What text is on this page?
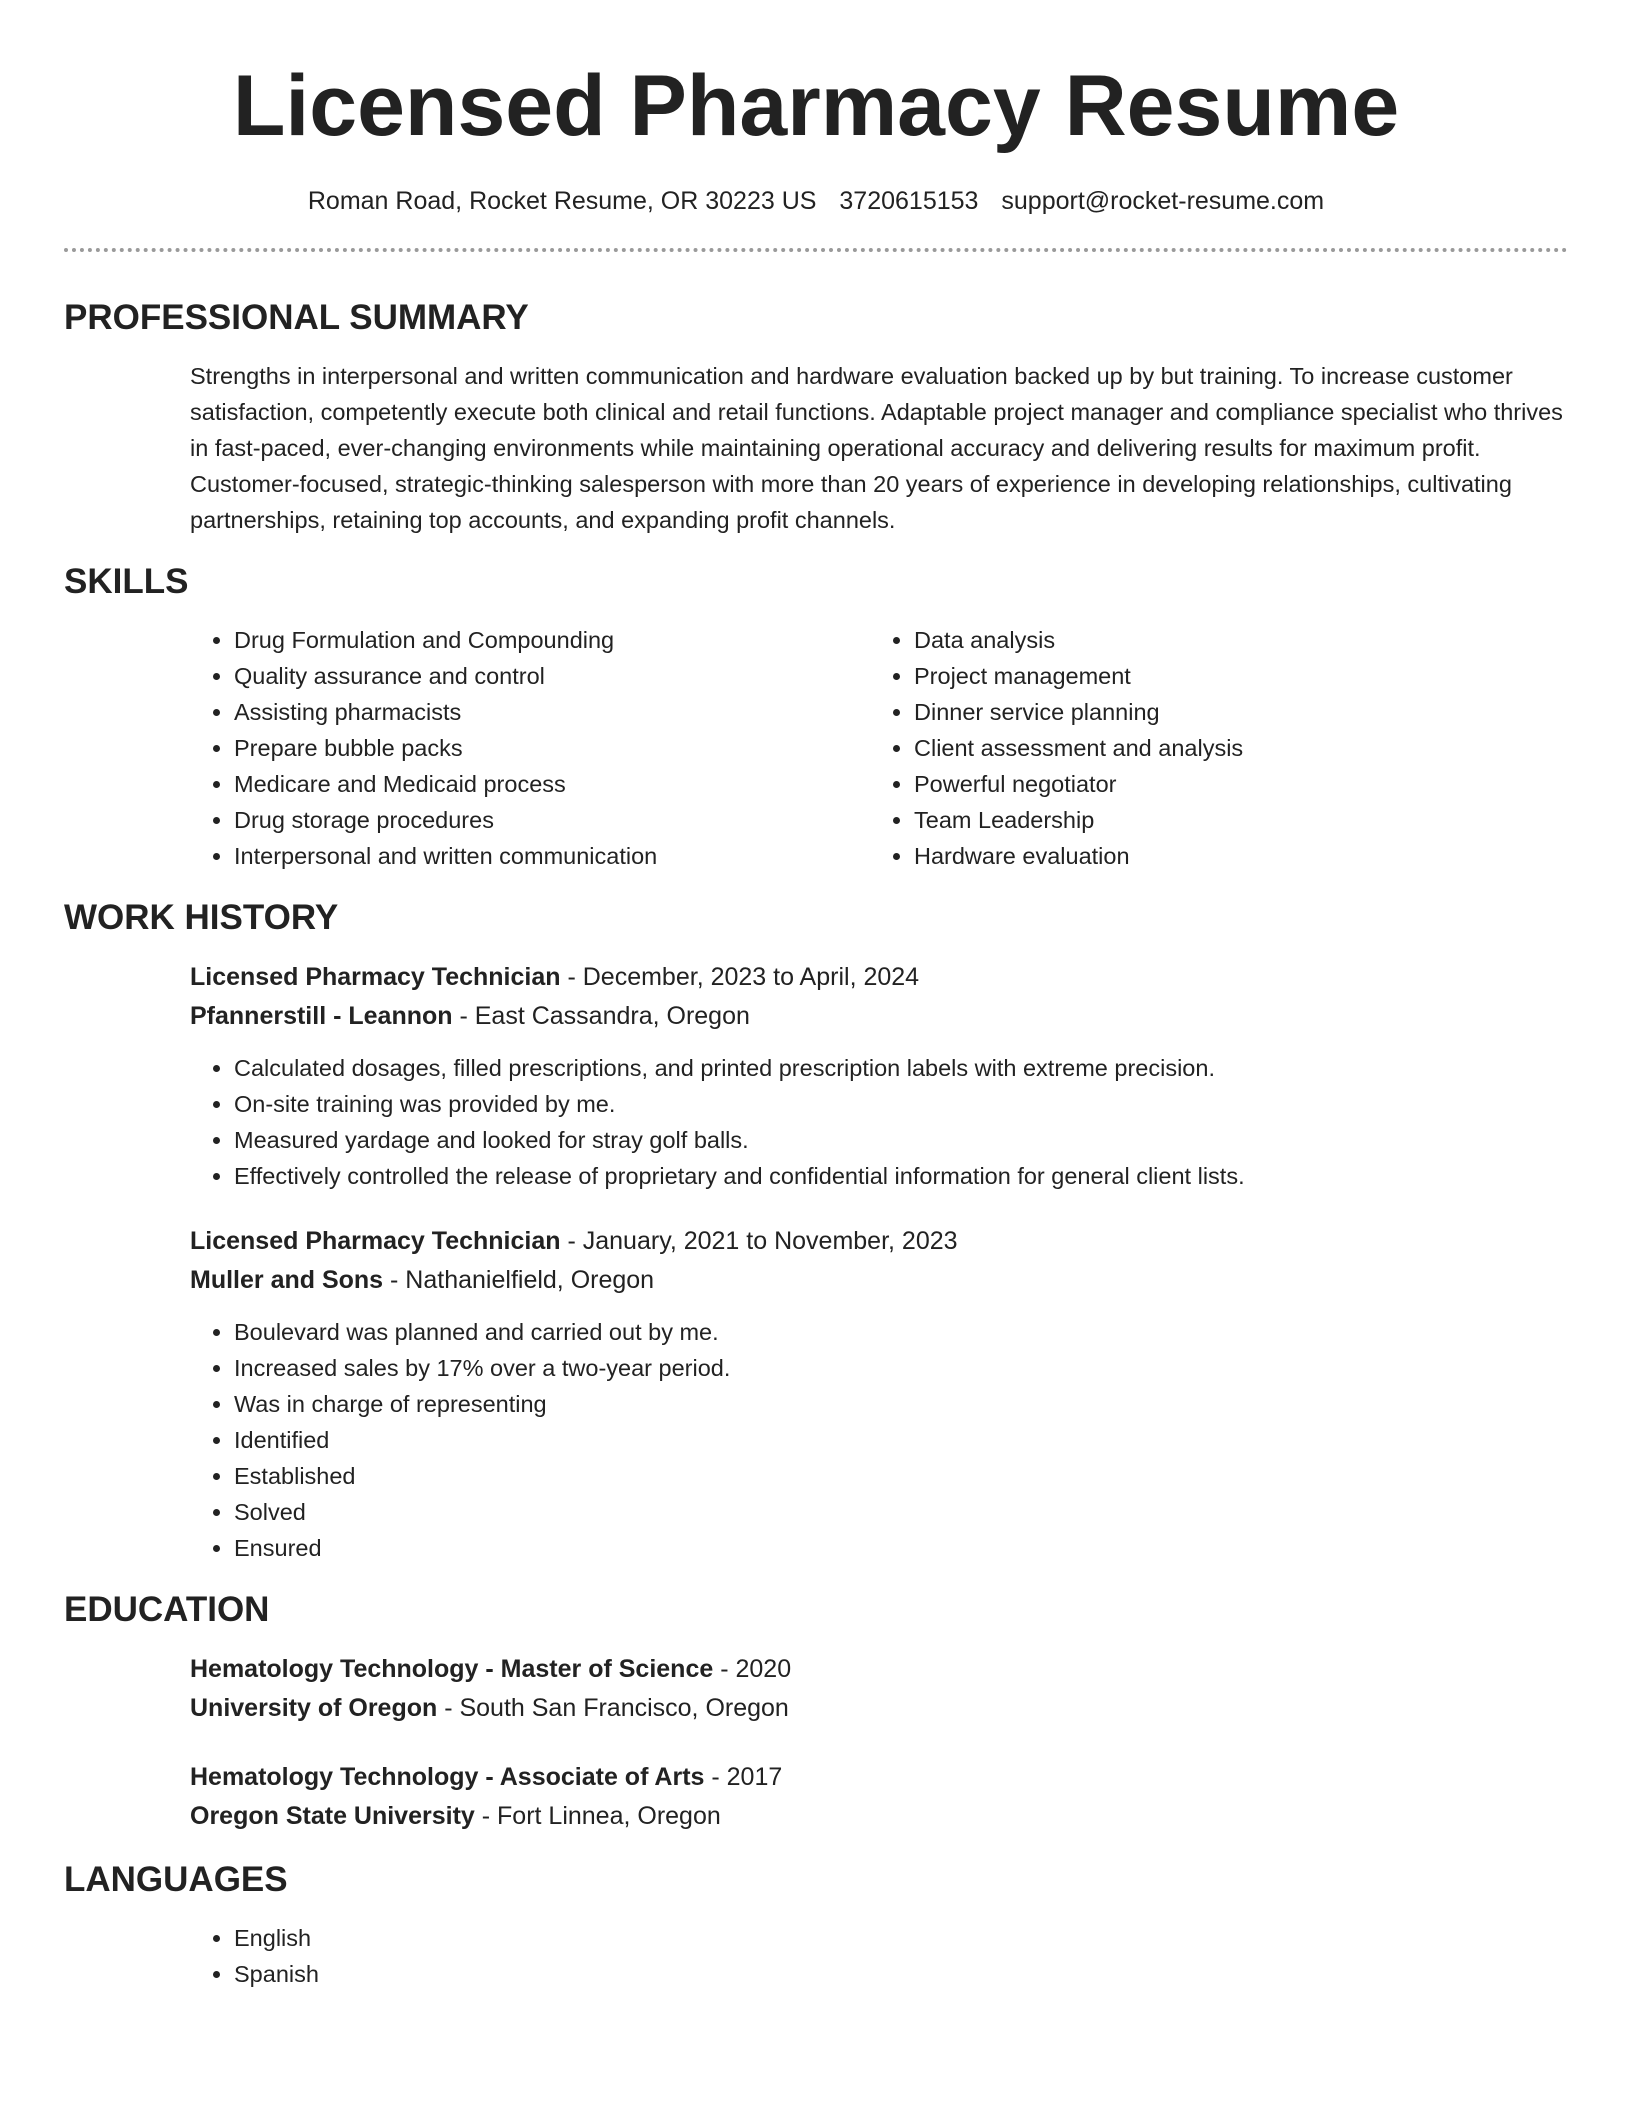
Licensed Pharmacy Resume
Roman Road, Rocket Resume, OR 30223 US 3720615153 support@rocket-resume.com
PROFESSIONAL SUMMARY

Strengths in interpersonal and written communication and hardware evaluation backed up by but training. To increase customer satisfaction, competently execute both clinical and retail functions. Adaptable project manager and compliance specialist who thrives in fast-paced, ever-changing environments while maintaining operational accuracy and delivering results for maximum profit. Customer-focused, strategic-thinking salesperson with more than 20 years of experience in developing relationships, cultivating partnerships, retaining top accounts, and expanding profit channels.

SKILLS
• Drug Formulation and Compounding
• Quality assurance and control
• Assisting pharmacists
• Prepare bubble packs
• Medicare and Medicaid process
• Drug storage procedures
• Interpersonal and written communication
• Data analysis
• Project management
• Dinner service planning
• Client assessment and analysis
• Powerful negotiator
• Team Leadership
• Hardware evaluation
WORK HISTORY
Licensed Pharmacy Technician - December, 2023 to April, 2024
Pfannerstill - Leannon - East Cassandra, Oregon
• Calculated dosages, filled prescriptions, and printed prescription labels with extreme precision.
• On-site training was provided by me.
• Measured yardage and looked for stray golf balls.
• Effectively controlled the release of proprietary and confidential information for general client lists.
Licensed Pharmacy Technician - January, 2021 to November, 2023
Muller and Sons - Nathanielfield, Oregon
• Boulevard was planned and carried out by me.
• Increased sales by 17% over a two-year period.
• Was in charge of representing
• Identified
• Established
• Solved
• Ensured
EDUCATION
Hematology Technology - Master of Science - 2020
University of Oregon - South San Francisco, Oregon
Hematology Technology - Associate of Arts - 2017
Oregon State University - Fort Linnea, Oregon
LANGUAGES
• English
• Spanish
